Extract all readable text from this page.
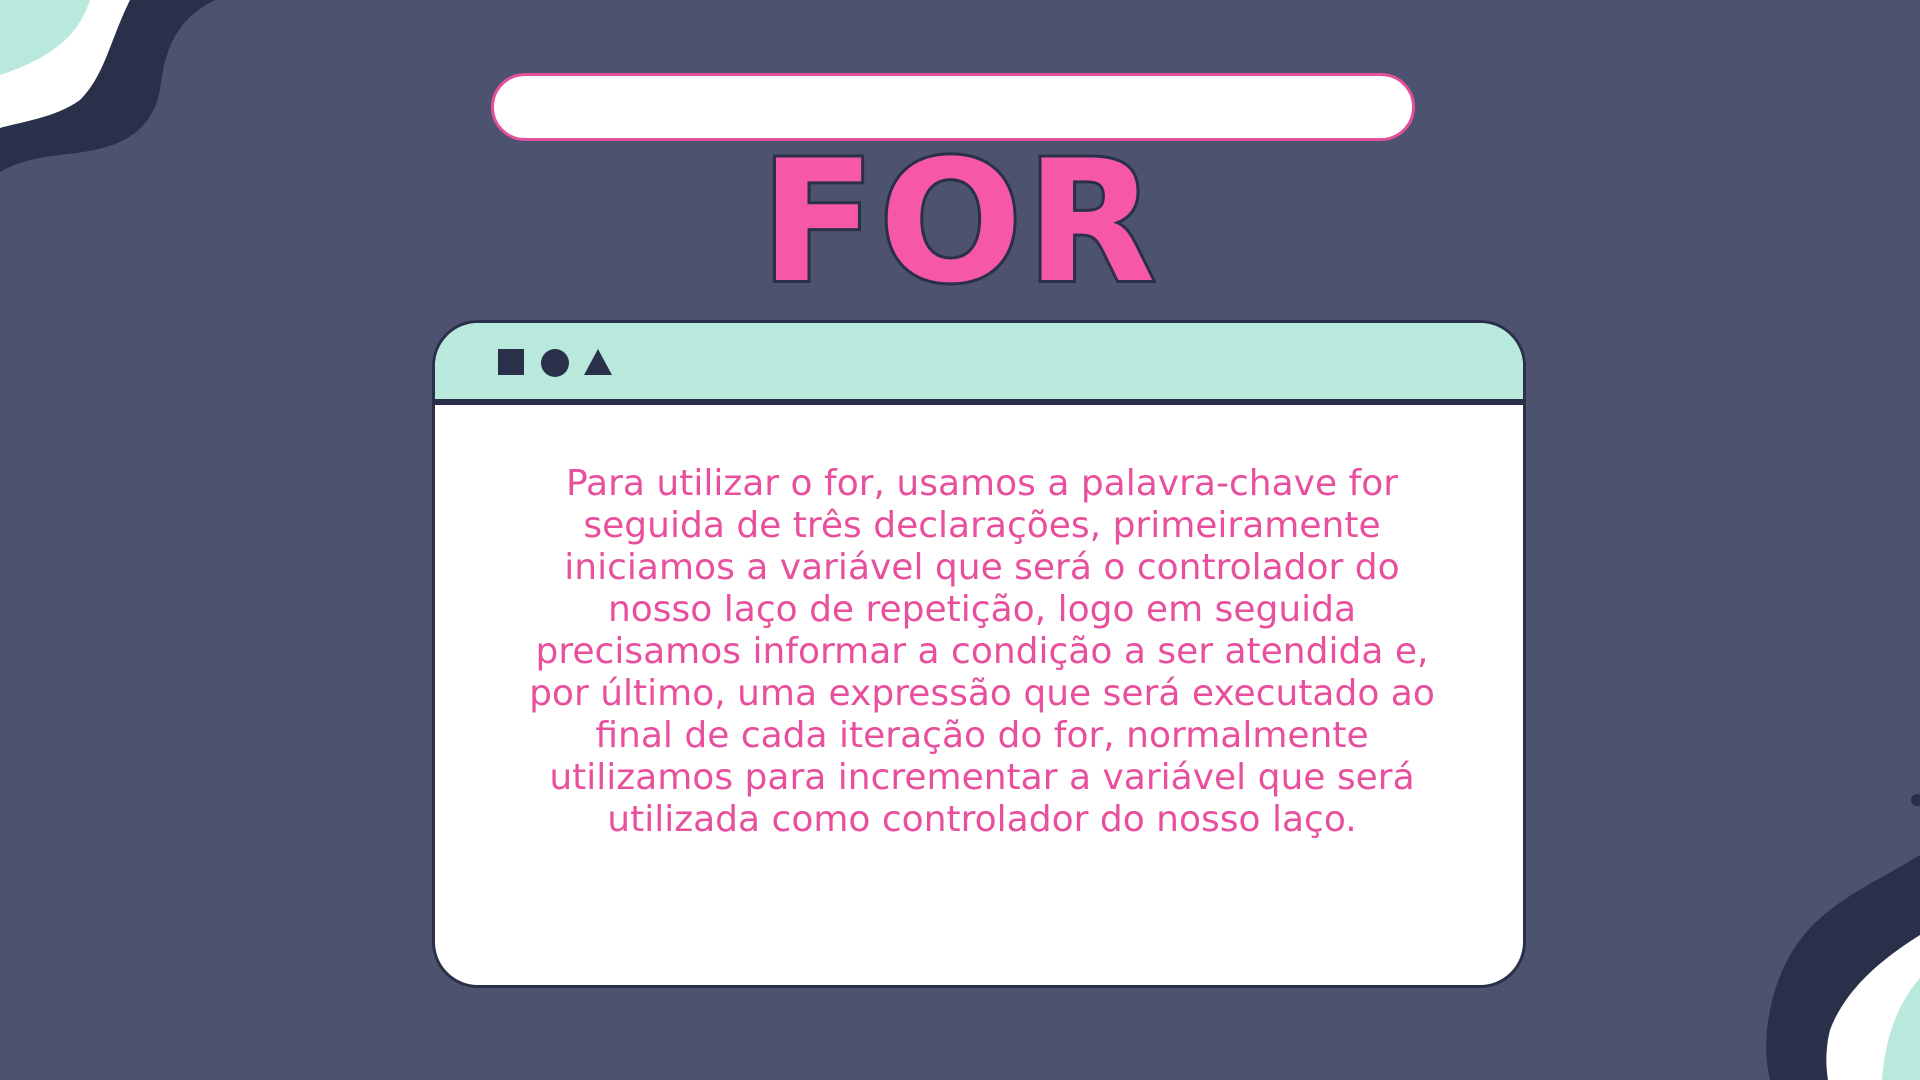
FOR

Para utilizar o for, usamos a palavra-chave for seguida de três declarações, primeiramente iniciamos a variável que será o controlador do nosso laço de repetição, logo em seguida precisamos informar a condição a ser atendida e, por último, uma expressão que será executado ao final de cada iteração do for, normalmente utilizamos para incrementar a variável que será utilizada como controlador do nosso laço.
